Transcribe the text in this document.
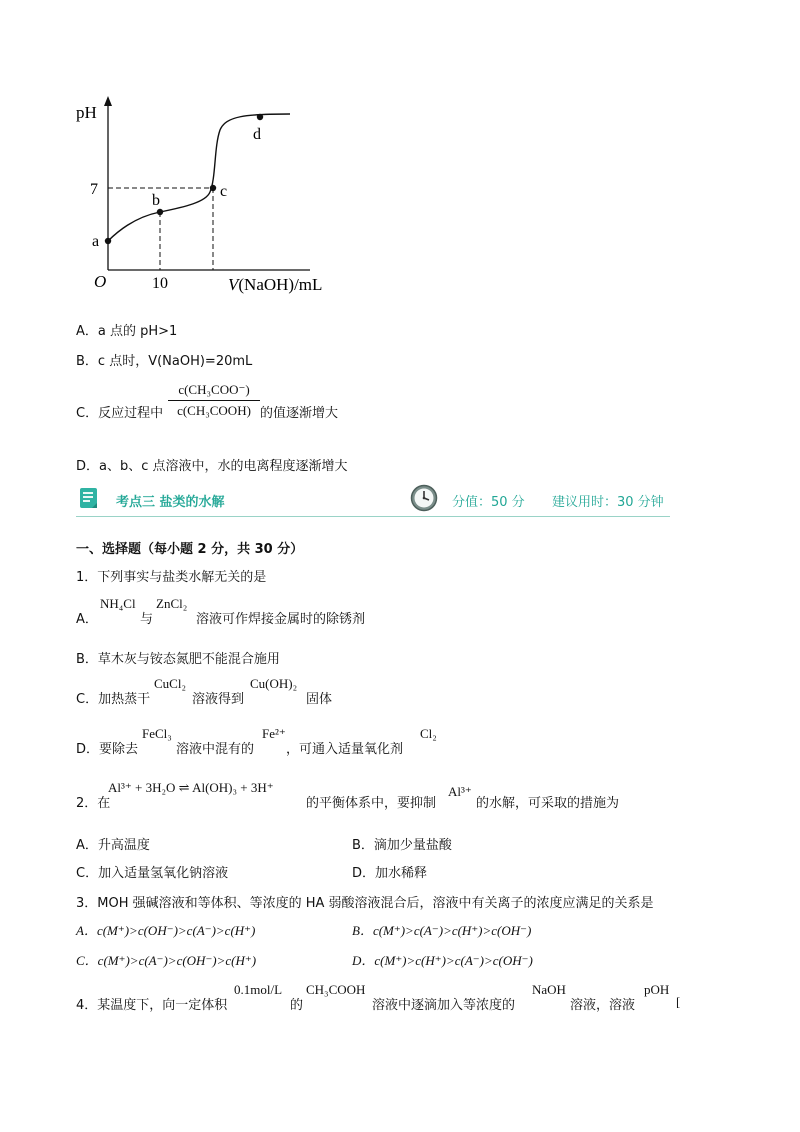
pH
7
a
b
c
d
O	10	V(NaOH)/mL
A．a 点的 pH>1
B．c 点时，V(NaOH)=20mL
C．反应过程中
c(CH₃COO⁻)
c(CH₃COOH) 的值逐渐增大
D．a、b、c 点溶液中，水的电离程度逐渐增大
考点三 盐类的水解	分值：50 分 建议用时：30 分钟
一、选择题（每小题 2 分，共 30 分）
1．下列事实与盐类水解无关的是
A．
NH₄Cl
与
ZnCl₂
溶液可作焊接金属时的除锈剂
B．草木灰与铵态氮肥不能混合施用
C．加热蒸干
CuCl₂
溶液得到
Cu(OH)₂
固体
D．要除去
FeCl₃
溶液中混有的
Fe²⁺
，可通入适量氧化剂
Cl₂
2．在
Al³⁺ + 3H₂O ⇌ Al(OH)₃ + 3H⁺
的平衡体系中，要抑制
Al³⁺
的水解，可采取的措施为
A．升高温度	B．滴加少量盐酸
C．加入适量氢氧化钠溶液	D．加水稀释
3．MOH 强碱溶液和等体积、等浓度的 HA 弱酸溶液混合后，溶液中有关离子的浓度应满足的关系是
A．c(M⁺)>c(OH⁻)>c(A⁻)>c(H⁺)	B．c(M⁺)>c(A⁻)>c(H⁺)>c(OH⁻)
C．c(M⁺)>c(A⁻)>c(OH⁻)>c(H⁺)	D．c(M⁺)>c(H⁺)>c(A⁻)>c(OH⁻)
4．某温度下，向一定体积
0.1mol/L
的
CH₃COOH
溶液中逐滴加入等浓度的
NaOH
溶液，溶液
pOH
[
